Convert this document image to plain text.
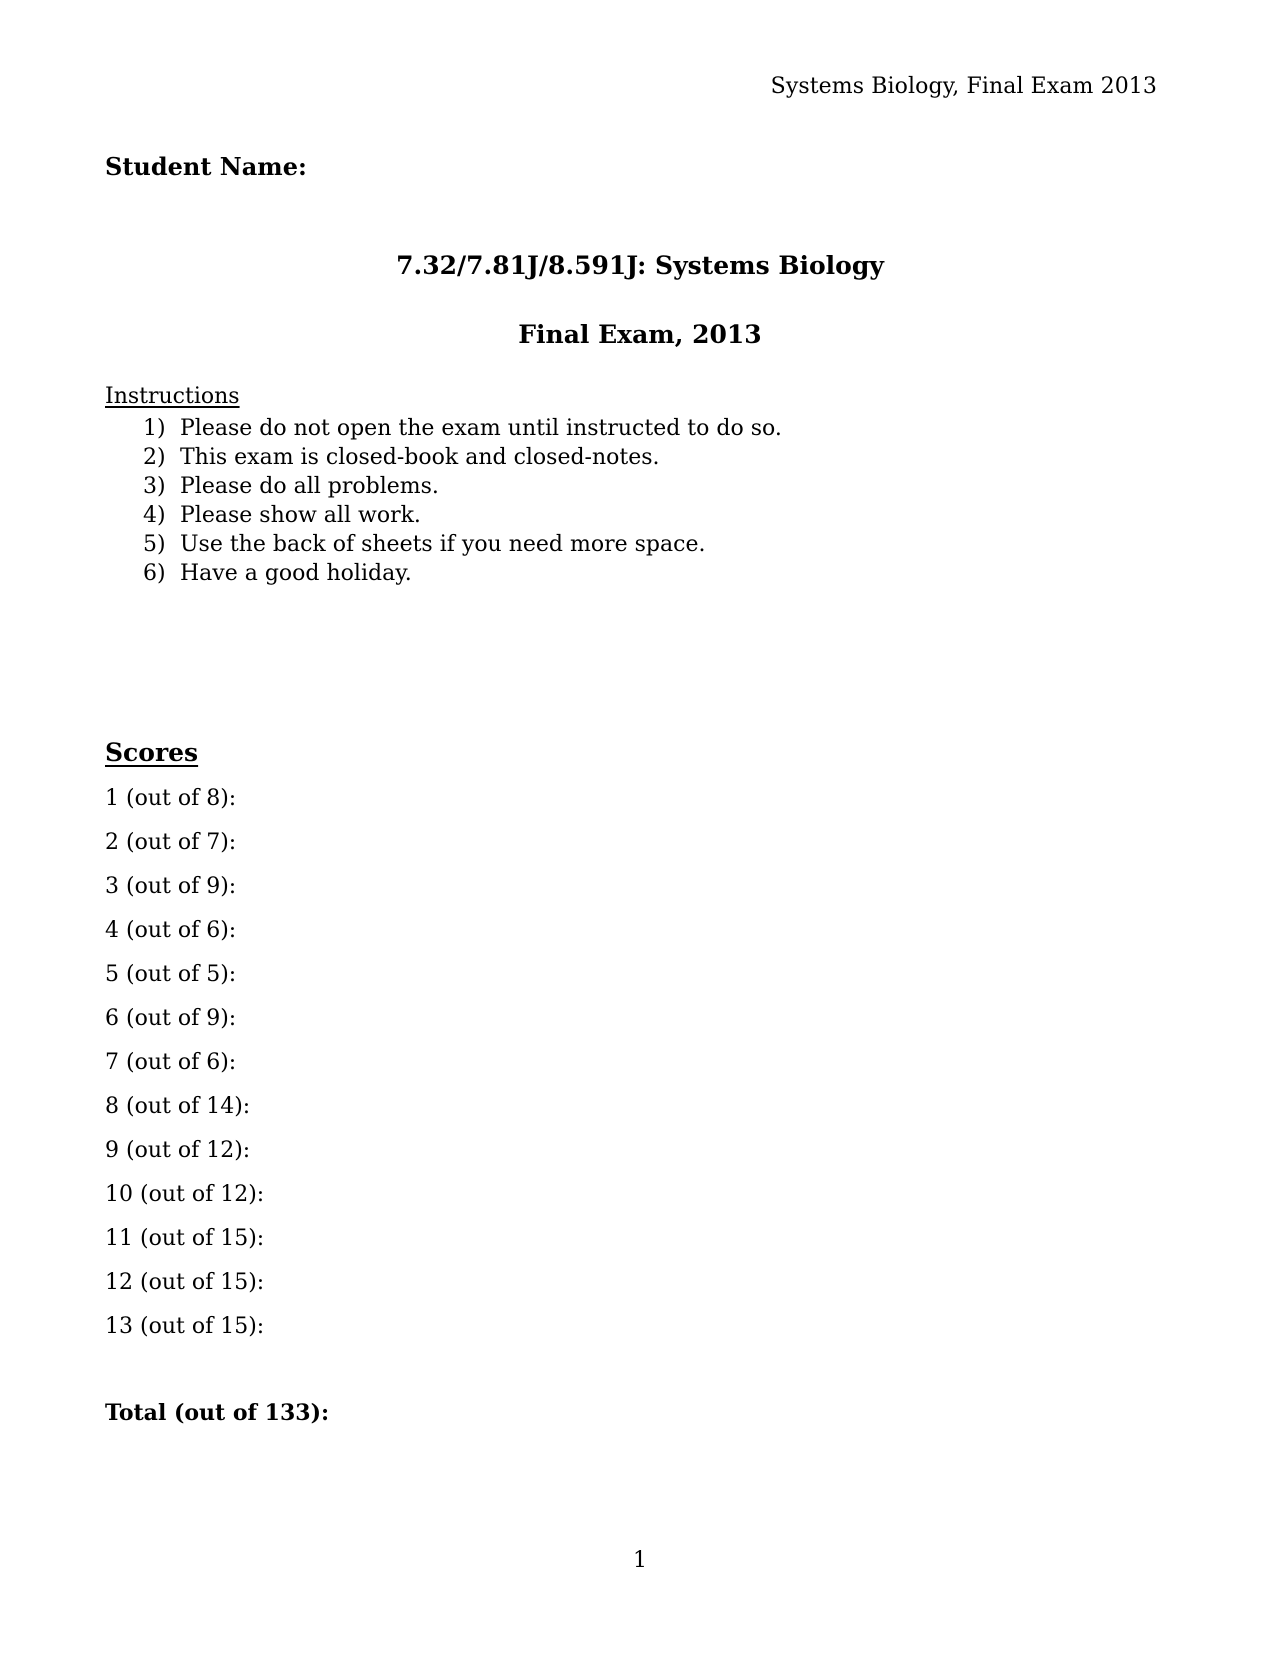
Systems Biology, Final Exam 2013
Student Name:
7.32/7.81J/8.591J: Systems Biology
Final Exam, 2013
Instructions
1) Please do not open the exam until instructed to do so.
2) This exam is closed-book and closed-notes.
3) Please do all problems.
4) Please show all work.
5) Use the back of sheets if you need more space.
6) Have a good holiday.
Scores
1 (out of 8):
2 (out of 7):
3 (out of 9):
4 (out of 6):
5 (out of 5):
6 (out of 9):
7 (out of 6):
8 (out of 14):
9 (out of 12):
10 (out of 12):
11 (out of 15):
12 (out of 15):
13 (out of 15):
Total (out of 133):
1
